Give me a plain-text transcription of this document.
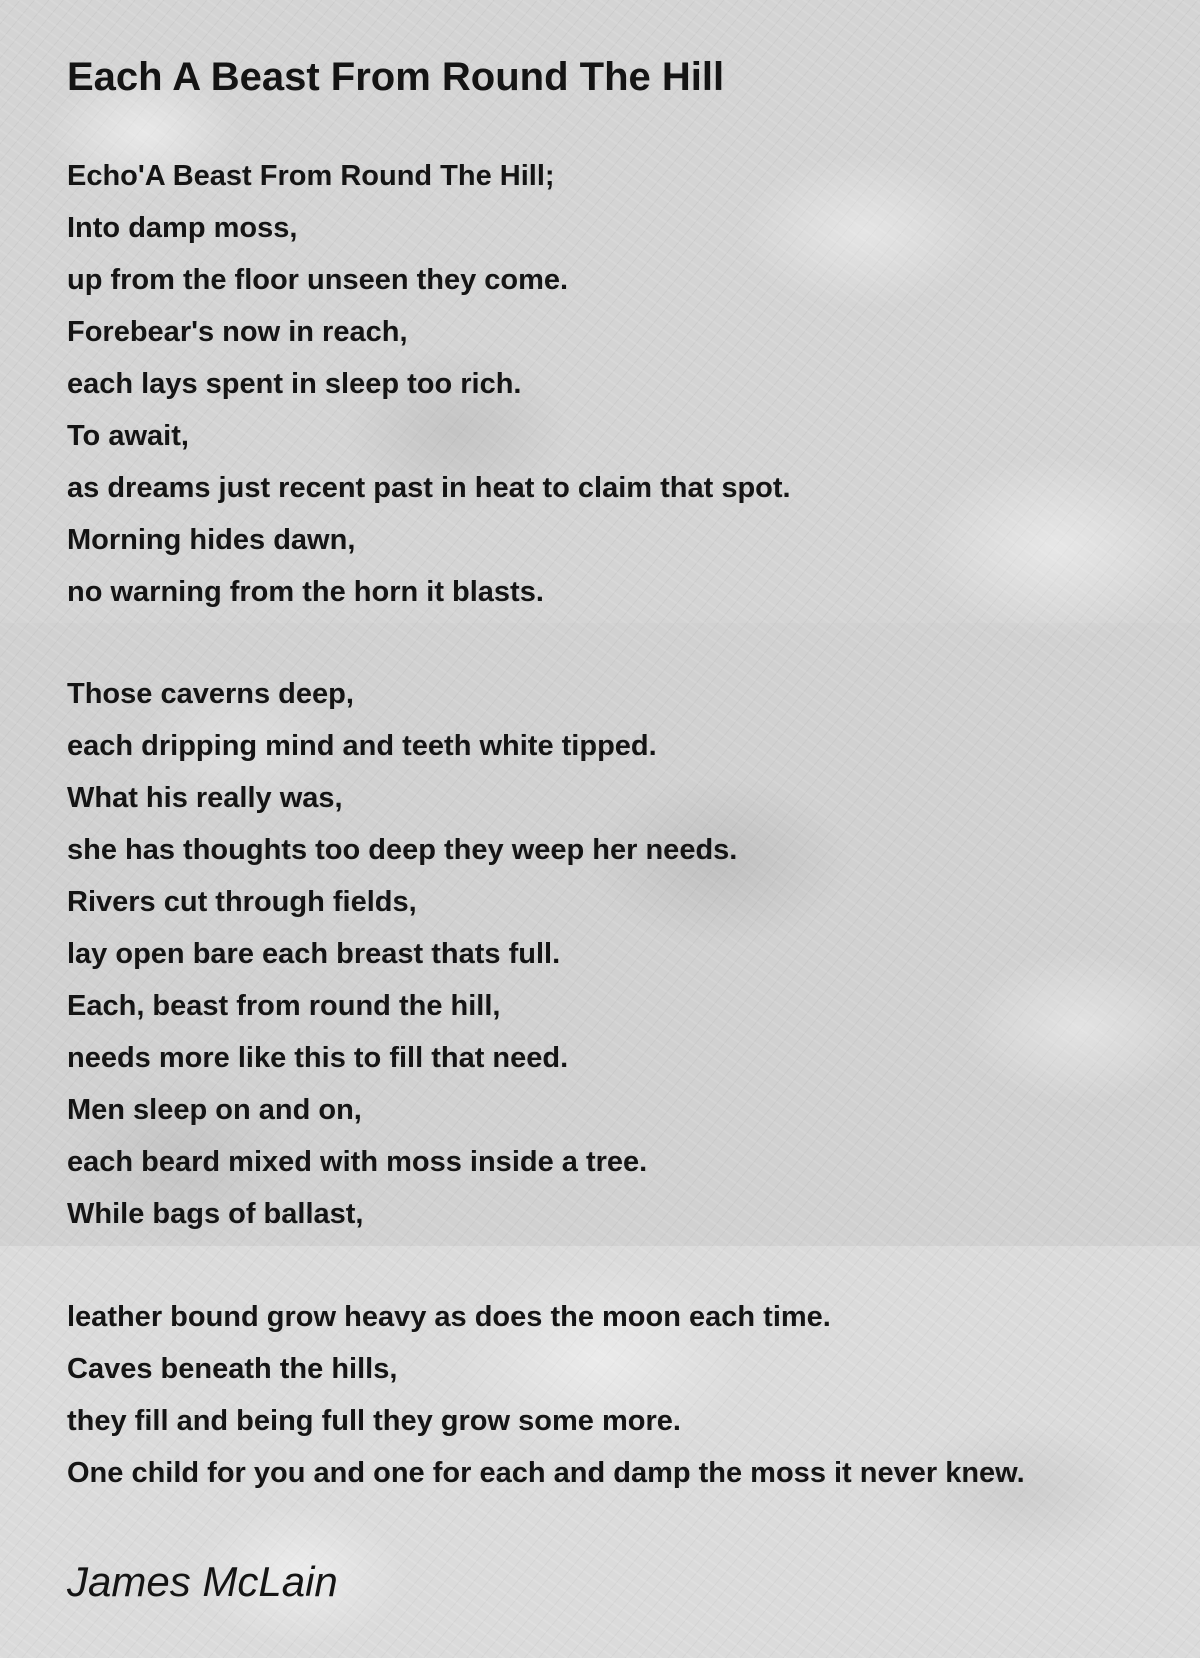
Each A Beast From Round The Hill
Echo'A Beast From Round The Hill;
Into damp moss,
up from the floor unseen they come.
Forebear's now in reach,
each lays spent in sleep too rich.
To await,
as dreams just recent past in heat to claim that spot.
Morning hides dawn,
no warning from the horn it blasts.
Those caverns deep,
each dripping mind and teeth white tipped.
What his really was,
she has thoughts too deep they weep her needs.
Rivers cut through fields,
lay open bare each breast thats full.
Each, beast from round the hill,
needs more like this to fill that need.
Men sleep on and on,
each beard mixed with moss inside a tree.
While bags of ballast,
leather bound grow heavy as does the moon each time.
Caves beneath the hills,
they fill and being full they grow some more.
One child for you and one for each and damp the moss it never knew.

James McLain
